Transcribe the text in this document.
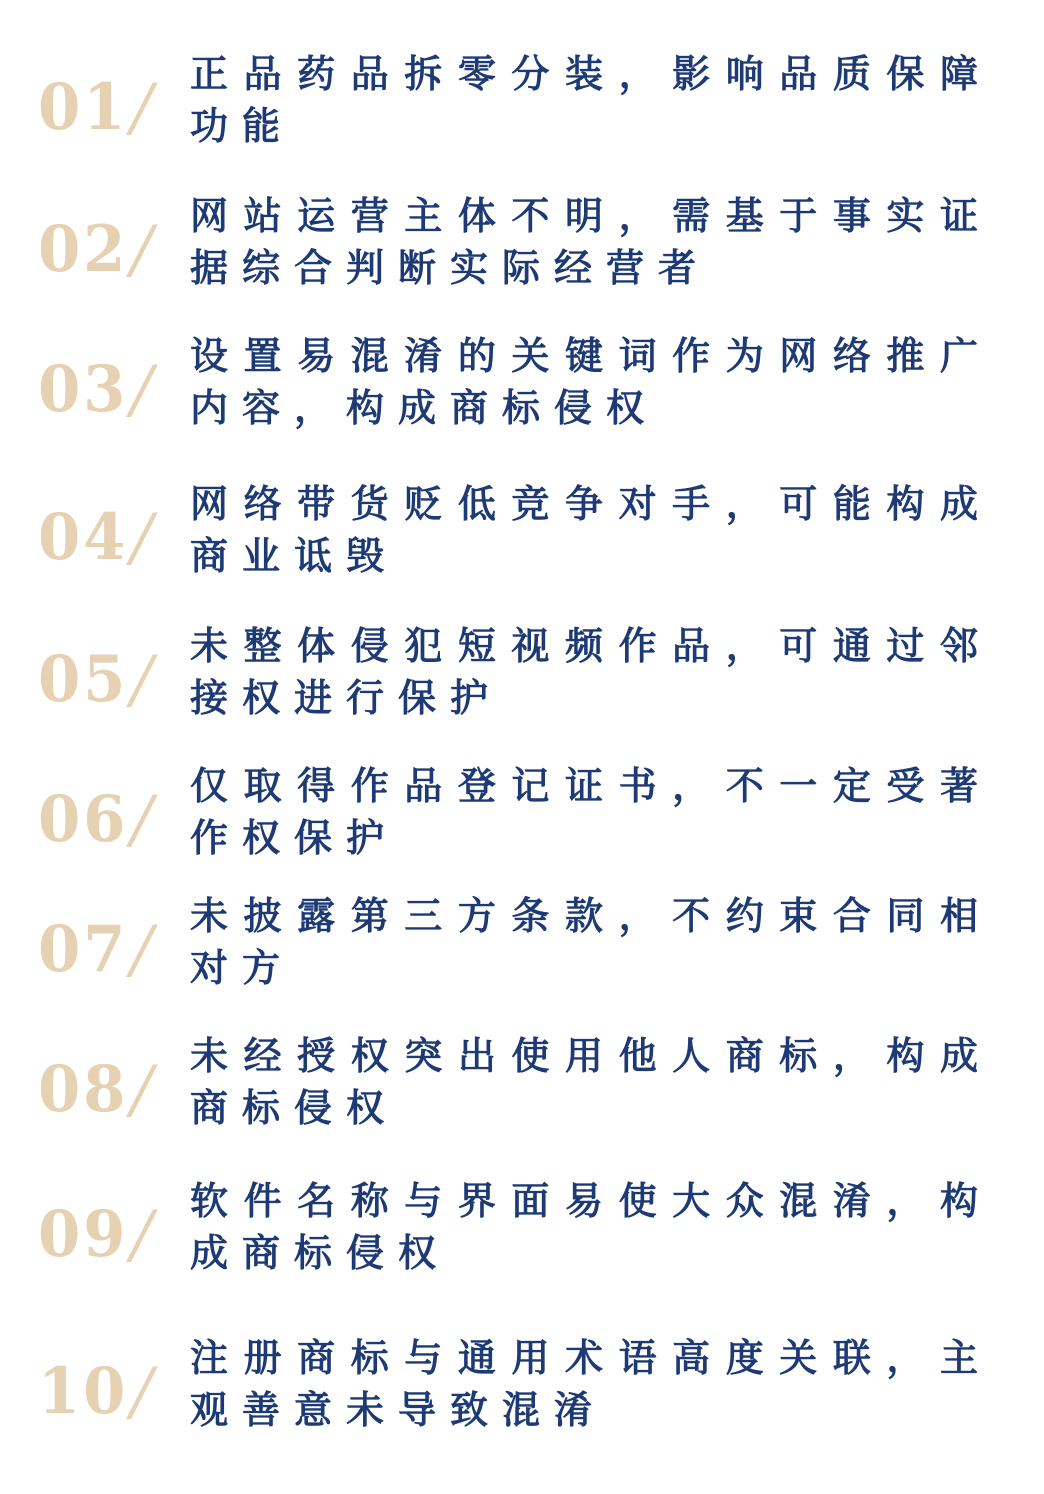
01/ 正品药品拆零分装，影响品质保障功能
02/ 网站运营主体不明，需基于事实证据综合判断实际经营者
03/ 设置易混淆的关键词作为网络推广内容，构成商标侵权
04/ 网络带货贬低竞争对手，可能构成商业诋毁
05/ 未整体侵犯短视频作品，可通过邻接权进行保护
06/ 仅取得作品登记证书，不一定受著作权保护
07/ 未披露第三方条款，不约束合同相对方
08/ 未经授权突出使用他人商标，构成商标侵权
09/ 软件名称与界面易使大众混淆，构成商标侵权
10/ 注册商标与通用术语高度关联，主观善意未导致混淆
